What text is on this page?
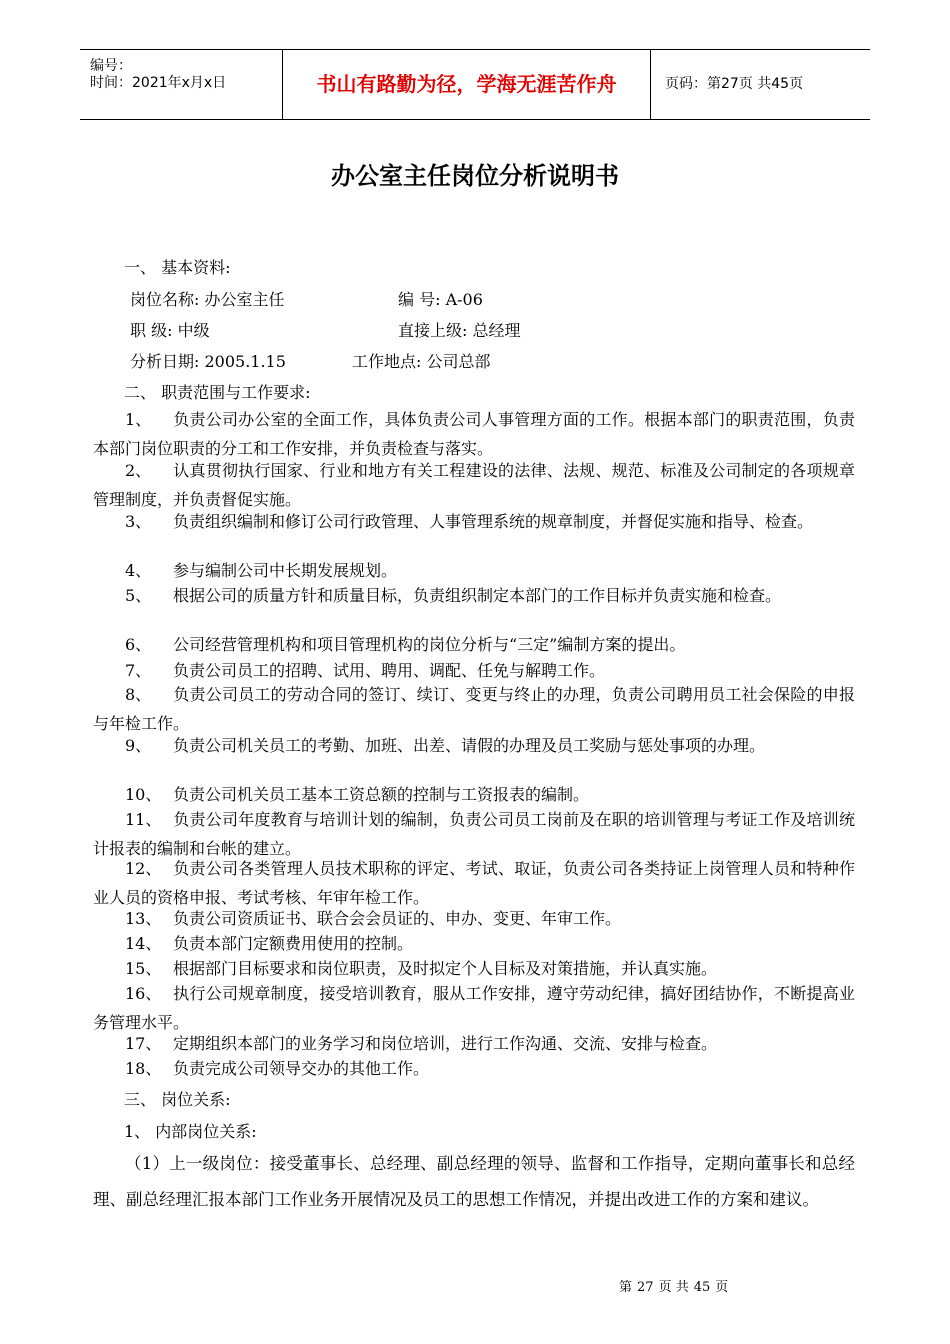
编号：
时间：2021年x月x日	书山有路勤为径，学海无涯苦作舟	页码：第27页 共45页
办公室主任岗位分析说明书
一、 基本资料:
岗位名称: 办公室主任	编 号: A-06
职 级: 中级	直接上级: 总经理
分析日期: 2005.1.15	工作地点: 公司总部
二、 职责范围与工作要求:
1、 负责公司办公室的全面工作，具体负责公司人事管理方面的工作。根据本部门的职责范围，负责本部门岗位职责的分工和工作安排，并负责检查与落实。
2、 认真贯彻执行国家、行业和地方有关工程建设的法律、法规、规范、标准及公司制定的各项规章管理制度，并负责督促实施。
3、 负责组织编制和修订公司行政管理、人事管理系统的规章制度，并督促实施和指导、检查。
4、 参与编制公司中长期发展规划。
5、 根据公司的质量方针和质量目标，负责组织制定本部门的工作目标并负责实施和检查。
6、 公司经营管理机构和项目管理机构的岗位分析与“三定”编制方案的提出。
7、 负责公司员工的招聘、试用、聘用、调配、任免与解聘工作。
8、 负责公司员工的劳动合同的签订、续订、变更与终止的办理，负责公司聘用员工社会保险的申报与年检工作。
9、 负责公司机关员工的考勤、加班、出差、请假的办理及员工奖励与惩处事项的办理。
10、 负责公司机关员工基本工资总额的控制与工资报表的编制。
11、 负责公司年度教育与培训计划的编制，负责公司员工岗前及在职的培训管理与考证工作及培训统计报表的编制和台帐的建立。
12、 负责公司各类管理人员技术职称的评定、考试、取证，负责公司各类持证上岗管理人员和特种作业人员的资格申报、考试考核、年审年检工作。
13、 负责公司资质证书、联合会会员证的、申办、变更、年审工作。
14、 负责本部门定额费用使用的控制。
15、 根据部门目标要求和岗位职责，及时拟定个人目标及对策措施，并认真实施。
16、 执行公司规章制度，接受培训教育，服从工作安排，遵守劳动纪律，搞好团结协作，不断提高业务管理水平。
17、 定期组织本部门的业务学习和岗位培训，进行工作沟通、交流、安排与检查。
18、 负责完成公司领导交办的其他工作。
三、 岗位关系:
1、 内部岗位关系:
（1）上一级岗位：接受董事长、总经理、副总经理的领导、监督和工作指导，定期向董事长和总经理、副总经理汇报本部门工作业务开展情况及员工的思想工作情况，并提出改进工作的方案和建议。
第 27 页 共 45 页
